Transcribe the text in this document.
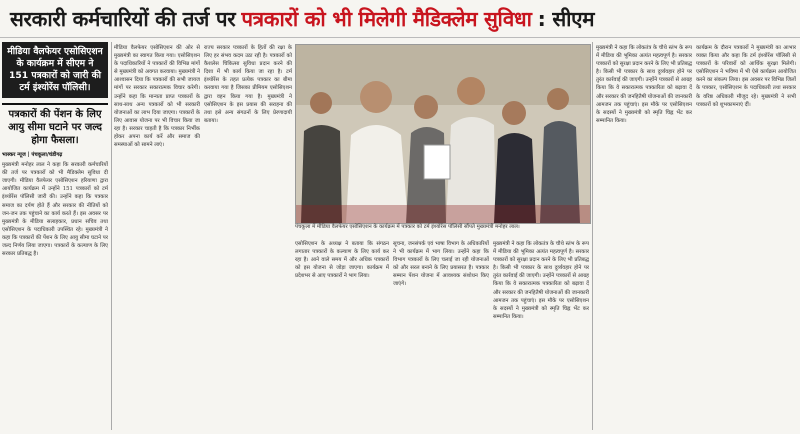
सरकारी कर्मचारियों की तर्ज पर पत्रकारों को भी मिलेगी मैडिक्लेम सुविधा : सीएम
मीडिया वैलफेयर एसोसिएशन के कार्यक्रम में सीएम ने 151 पत्रकारों को जारी की टर्म इंश्योरेंस पॉलिसी।
पत्रकारों की पेंशन के लिए आयु सीमा घटाने पर जल्द होगा फैसला।

भास्कर न्यूज | पंचकूला/चंडीगढ़

मुख्यमंत्री मनोहर लाल ने कहा कि सरकारी कर्मचारियों की तर्ज पर पत्रकारों को भी मैडिक्लेम सुविधा दी जाएगी। मीडिया वैलफेयर एसोसिएशन हरियाणा द्वारा आयोजित कार्यक्रम में उन्होंने 151 पत्रकारों को टर्म इंश्योरेंस पॉलिसी जारी की। उन्होंने कहा कि पत्रकार समाज का दर्पण होते हैं और सरकार की नीतियों को जन-जन तक पहुंचाने का कार्य करते हैं। इस अवसर पर मुख्यमंत्री के मीडिया सलाहकार, प्रधान सचिव तथा एसोसिएशन के पदाधिकारी उपस्थित रहे। मुख्यमंत्री ने कहा कि पत्रकारों की पेंशन के लिए आयु सीमा घटाने पर जल्द निर्णय लिया जाएगा। पत्रकारों के कल्याण के लिए सरकार प्रतिबद्ध है।

मीडिया वैलफेयर एसोसिएशन की ओर से मुख्यमंत्री का स्वागत किया गया। एसोसिएशन के पदाधिकारियों ने पत्रकारों की विभिन्न मांगों से मुख्यमंत्री को अवगत करवाया। मुख्यमंत्री ने आश्वासन दिया कि पत्रकारों की सभी जायज मांगों पर सरकार सकारात्मक विचार करेगी। उन्होंने कहा कि मान्यता प्राप्त पत्रकारों के साथ-साथ अन्य पत्रकारों को भी सरकारी योजनाओं का लाभ दिया जाएगा। पत्रकारों के लिए आवास योजना पर भी विचार किया जा रहा है। सरकार चाहती है कि पत्रकार निर्भीक होकर अपना कार्य करें और समाज की समस्याओं को सामने लाएं।

राज्य सरकार पत्रकारों के हितों की रक्षा के लिए हर संभव कदम उठा रही है। पत्रकारों को कैशलेस चिकित्सा सुविधा प्रदान करने की दिशा में भी कार्य किया जा रहा है। टर्म इंश्योरेंस के तहत प्रत्येक पत्रकार का बीमा करवाया गया है जिसका प्रीमियम एसोसिएशन द्वारा वहन किया गया है। मुख्यमंत्री ने एसोसिएशन के इस प्रयास की सराहना की तथा इसे अन्य संगठनों के लिए प्रेरणादायी बताया।

पंचकूला में मीडिया वैलफेयर एसोसिएशन के कार्यक्रम में पत्रकार को टर्म इंश्योरेंस पॉलिसी सौंपते मुख्यमंत्री मनोहर लाल।

एसोसिएशन के अध्यक्ष ने बताया कि संगठन लगातार पत्रकारों के कल्याण के लिए कार्य कर रहा है। आने वाले समय में और अधिक पत्रकारों को इस योजना से जोड़ा जाएगा। कार्यक्रम में प्रदेशभर से आए पत्रकारों ने भाग लिया।

सूचना, जनसंपर्क एवं भाषा विभाग के अधिकारियों ने भी कार्यक्रम में भाग लिया। उन्होंने कहा कि विभाग पत्रकारों के लिए चलाई जा रही योजनाओं को और सरल बनाने के लिए प्रयासरत है। पत्रकार सम्मान पेंशन योजना में आवश्यक संशोधन किए जाएंगे।

मुख्यमंत्री ने कहा कि लोकतंत्र के चौथे स्तंभ के रूप में मीडिया की भूमिका अत्यंत महत्वपूर्ण है। सरकार पत्रकारों को सुरक्षा प्रदान करने के लिए भी प्रतिबद्ध है। किसी भी पत्रकार के साथ दुर्व्यवहार होने पर तुरंत कार्रवाई की जाएगी। उन्होंने पत्रकारों से आग्रह किया कि वे सकारात्मक पत्रकारिता को बढ़ावा दें और सरकार की जनहितैषी योजनाओं की जानकारी आमजन तक पहुंचाएं। इस मौके पर एसोसिएशन के सदस्यों ने मुख्यमंत्री को स्मृति चिह्न भेंट कर सम्मानित किया।

मुख्यमंत्री ने कहा कि लोकतंत्र के चौथे स्तंभ के रूप में मीडिया की भूमिका अत्यंत महत्वपूर्ण है। सरकार पत्रकारों को सुरक्षा प्रदान करने के लिए भी प्रतिबद्ध है। किसी भी पत्रकार के साथ दुर्व्यवहार होने पर तुरंत कार्रवाई की जाएगी। उन्होंने पत्रकारों से आग्रह किया कि वे सकारात्मक पत्रकारिता को बढ़ावा दें और सरकार की जनहितैषी योजनाओं की जानकारी आमजन तक पहुंचाएं। इस मौके पर एसोसिएशन के सदस्यों ने मुख्यमंत्री को स्मृति चिह्न भेंट कर सम्मानित किया।

कार्यक्रम के दौरान पत्रकारों ने मुख्यमंत्री का आभार व्यक्त किया और कहा कि टर्म इंश्योरेंस पॉलिसी से पत्रकारों के परिवारों को आर्थिक सुरक्षा मिलेगी। एसोसिएशन ने भविष्य में भी ऐसे कार्यक्रम आयोजित करने का संकल्प लिया। इस अवसर पर विभिन्न जिलों के पत्रकार, एसोसिएशन के पदाधिकारी तथा सरकार के वरिष्ठ अधिकारी मौजूद रहे। मुख्यमंत्री ने सभी पत्रकारों को शुभकामनाएं दीं।
